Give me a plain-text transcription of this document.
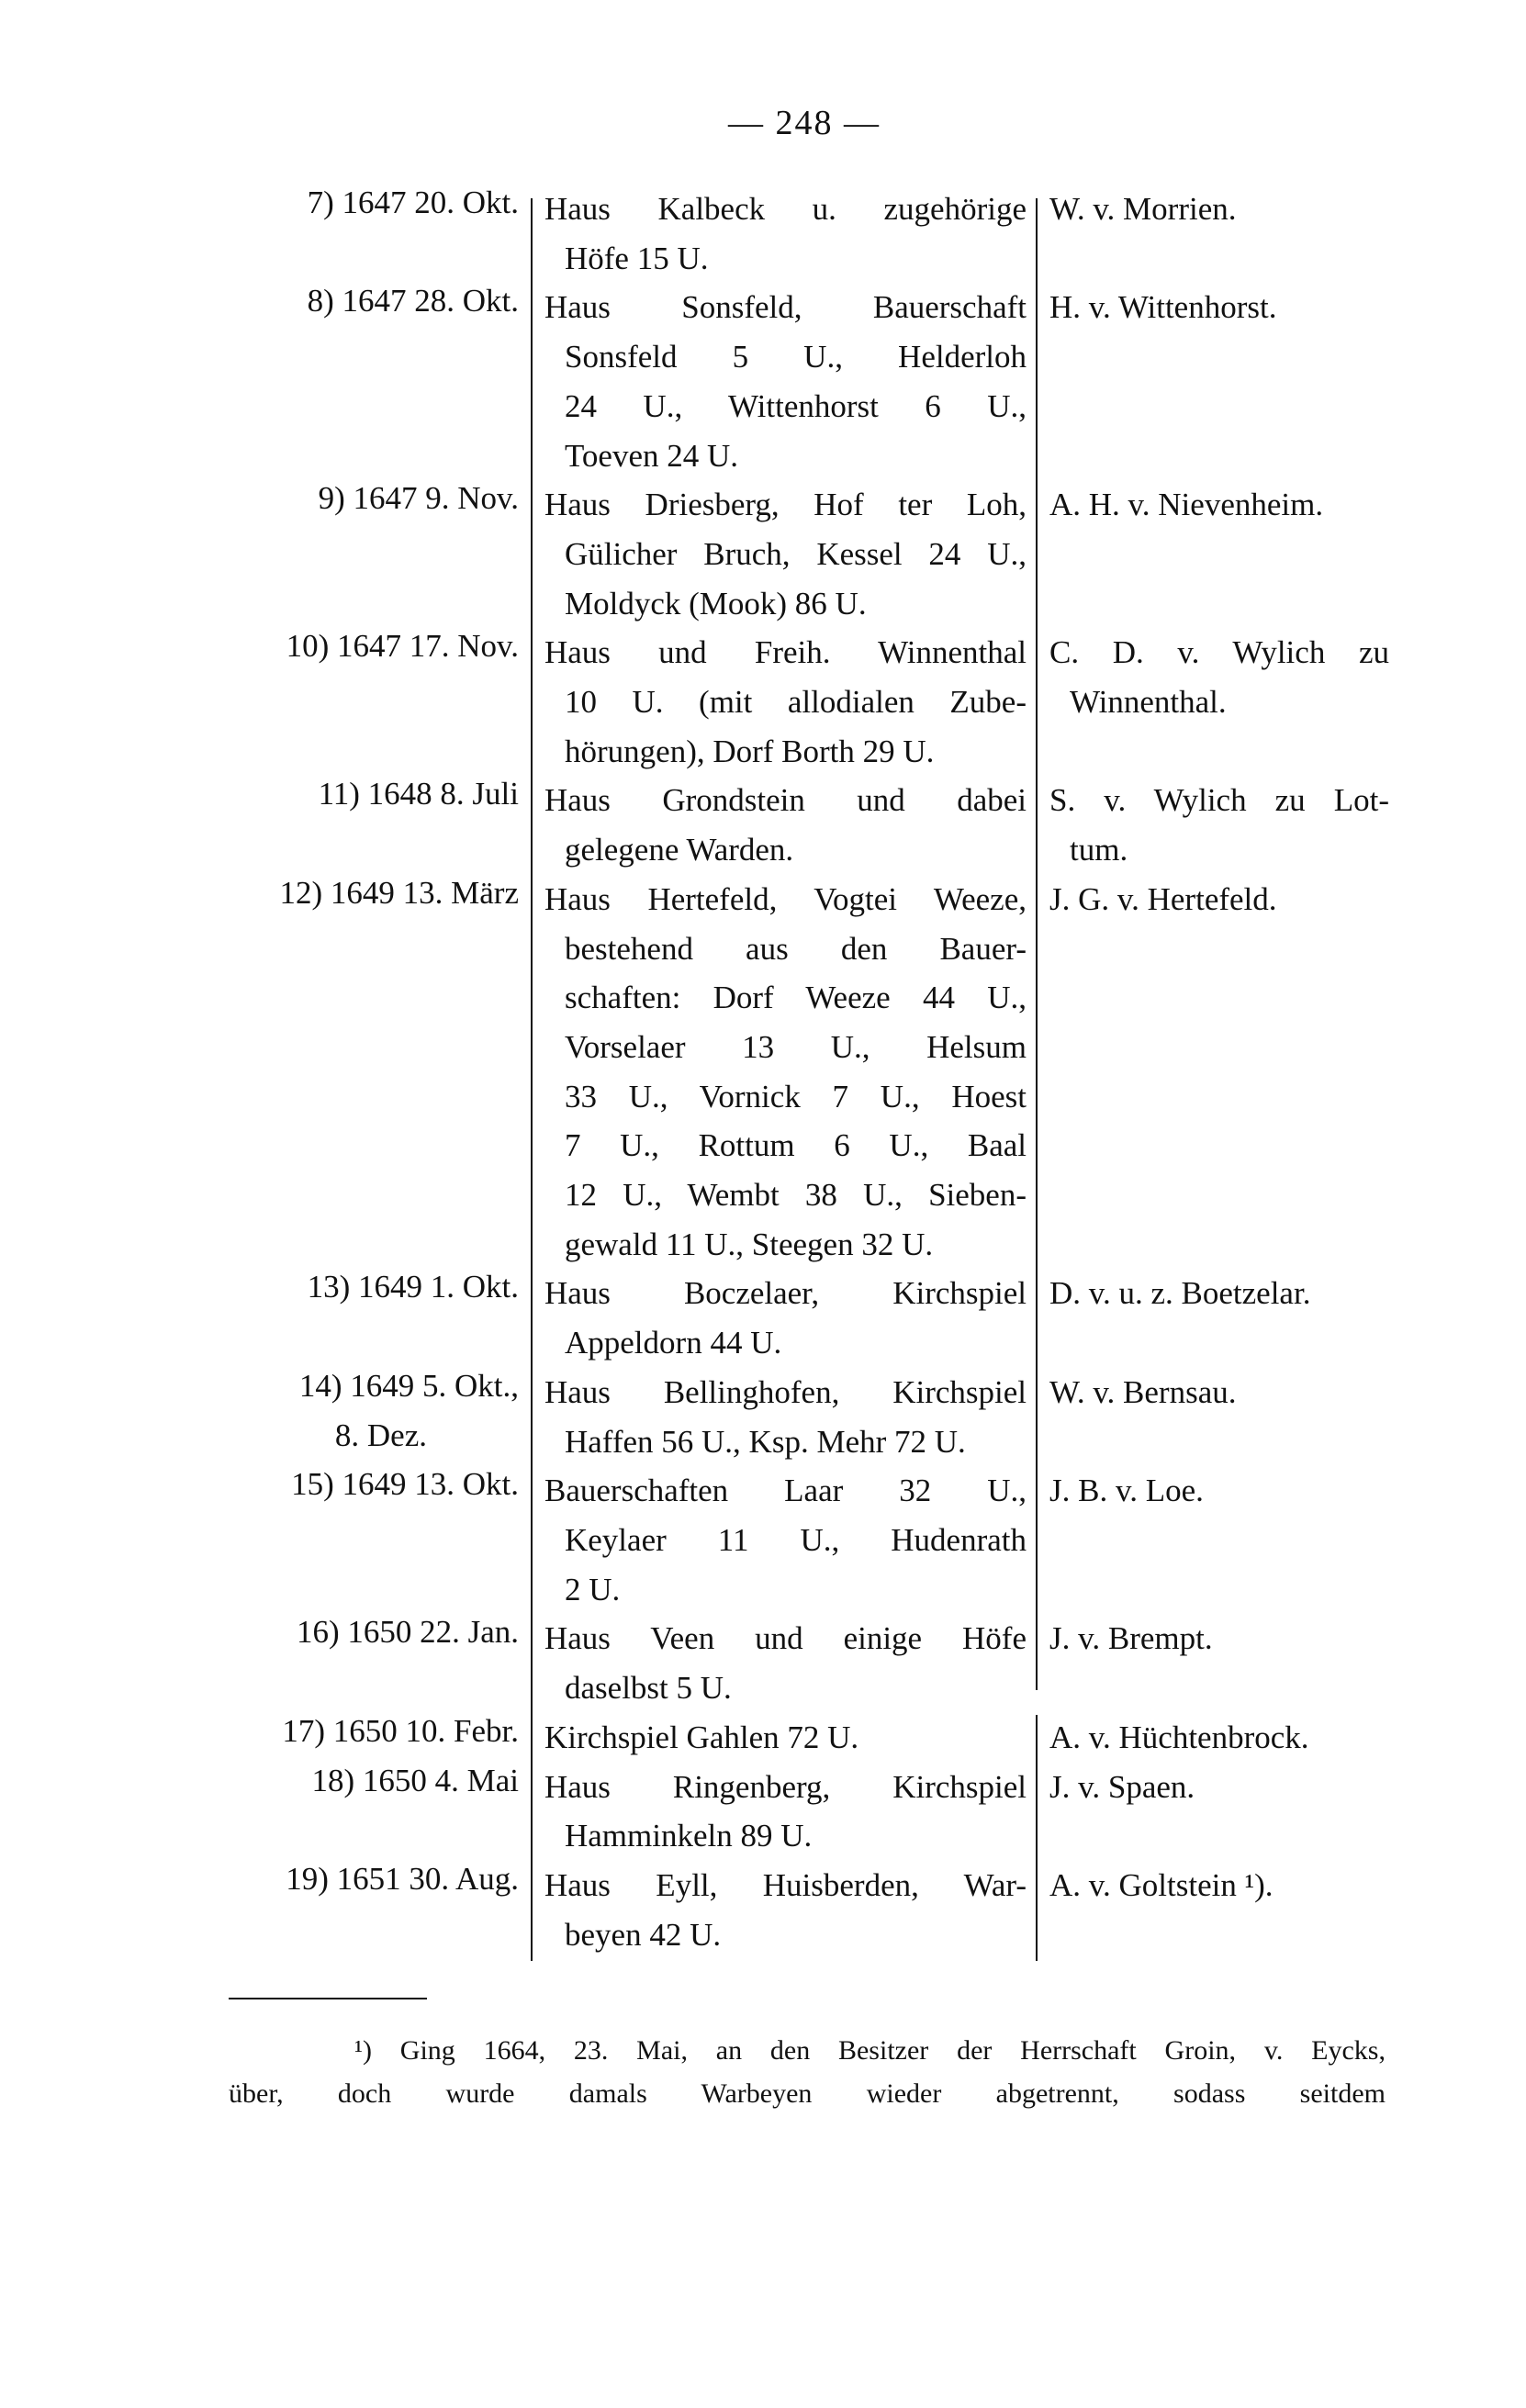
— 248 —
7) 1647 20. Okt. Haus Kalbeck u. zugehörige
Höfe 15 U.
W. v. Morrien.
8) 1647 28. Okt. Haus Sonsfeld, Bauerschaft
Sonsfeld 5 U., Helderloh
24 U., Wittenhorst 6 U.,
Toeven 24 U.
H. v. Wittenhorst.
9) 1647 9. Nov. Haus Driesberg, Hof ter Loh,
Gülicher Bruch, Kessel 24 U.,
Moldyck (Mook) 86 U.
A. H. v. Nievenheim.
10) 1647 17. Nov. Haus und Freih. Winnenthal
10 U. (mit allodialen Zube-
hörungen), Dorf Borth 29 U.
C. D. v. Wylich zu
Winnenthal.
11) 1648 8. Juli Haus Grondstein und dabei
gelegene Warden.
S. v. Wylich zu Lot-
tum.
12) 1649 13. März Haus Hertefeld, Vogtei Weeze,
bestehend aus den Bauer-
schaften: Dorf Weeze 44 U.,
Vorselaer 13 U., Helsum
33 U., Vornick 7 U., Hoest
7 U., Rottum 6 U., Baal
12 U., Wembt 38 U., Sieben-
gewald 11 U., Steegen 32 U.
J. G. v. Hertefeld.
13) 1649 1. Okt. Haus Boczelaer, Kirchspiel
Appeldorn 44 U.
D. v. u. z. Boetzelar.
14) 1649 5. Okt.,
8. Dez.
Haus Bellinghofen, Kirchspiel
Haffen 56 U., Ksp. Mehr 72 U.
W. v. Bernsau.
15) 1649 13. Okt. Bauerschaften Laar 32 U.,
Keylaer 11 U., Hudenrath
2 U.
J. B. v. Loe.
16) 1650 22. Jan. Haus Veen und einige Höfe
daselbst 5 U.
J. v. Brempt.
17) 1650 10. Febr. Kirchspiel Gahlen 72 U.	A. v. Hüchtenbrock.
18) 1650 4. Mai Haus Ringenberg, Kirchspiel
Hamminkeln 89 U.
J. v. Spaen.
19) 1651 30. Aug. Haus Eyll, Huisberden, War-
beyen 42 U.
A. v. Goltstein ¹).
¹) Ging 1664, 23. Mai, an den Besitzer der Herrschaft Groin, v. Eycks,
über, doch wurde damals Warbeyen wieder abgetrennt, sodass seitdem
